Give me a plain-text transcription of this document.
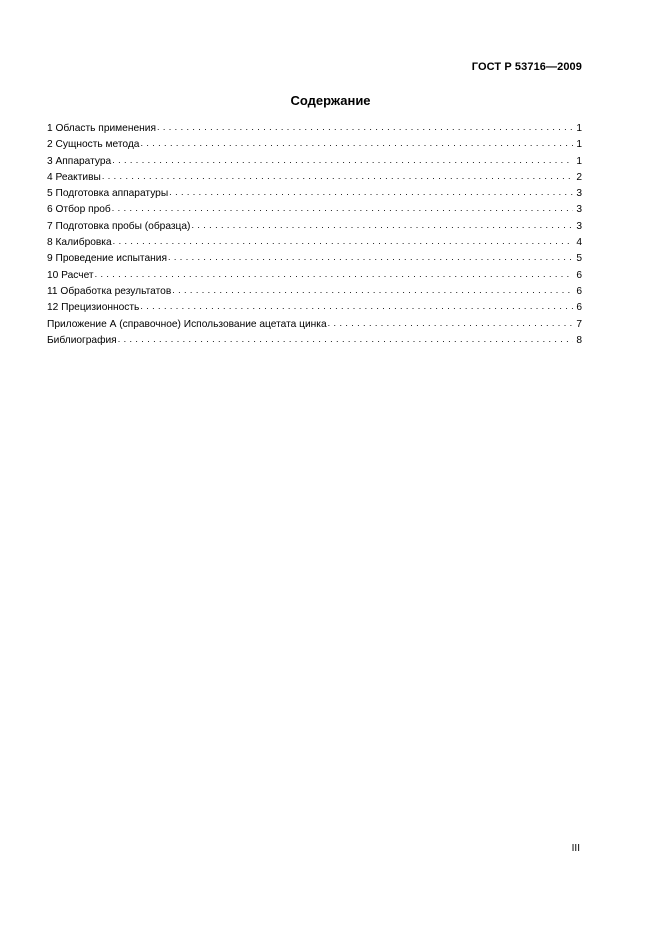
ГОСТ Р 53716—2009
Содержание
1 Область применения . . .	1
2 Сущность метода . . .	1
3 Аппаратура . . .	1
4 Реактивы . . .	2
5 Подготовка аппаратуры . . .	3
6 Отбор проб . . .	3
7 Подготовка пробы (образца) . . .	3
8 Калибровка . . .	4
9 Проведение испытания . . .	5
10 Расчет . . .	6
11 Обработка результатов . . .	6
12 Прецизионность . . .	6
Приложение А (справочное) Использование ацетата цинка . . .	7
Библиография . . .	8
III
